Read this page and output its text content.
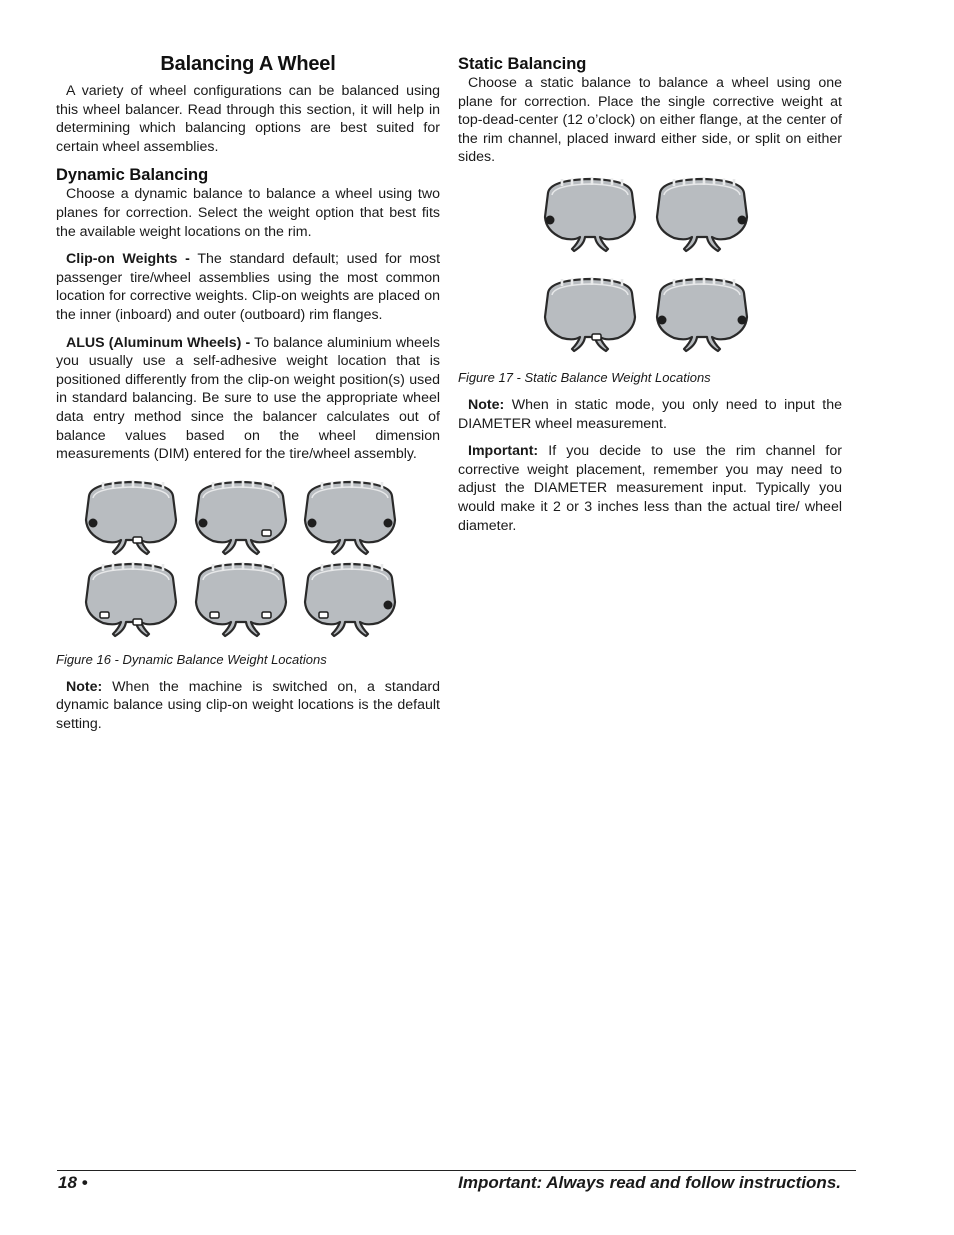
Balancing A Wheel

A variety of wheel configurations can be balanced using this wheel balancer. Read through this section, it will help in determining which balancing options are best suited for certain wheel assemblies.

Dynamic Balancing

Choose a dynamic balance to balance a wheel using two planes for correction. Select the weight option that best fits the available weight locations on the rim.

Clip-on Weights - The standard default; used for most passenger tire/wheel assemblies using the most common location for corrective weights. Clip-on weights are placed on the inner (inboard) and outer (outboard) rim flanges.

ALUS (Aluminum Wheels) - To balance aluminium wheels you usually use a self-adhesive weight location that is positioned differently from the clip-on weight position(s) used in standard balancing. Be sure to use the appropriate wheel data entry method since the balancer calculates out of balance values based on the wheel dimension measurements (DIM) entered for the tire/wheel assembly.

Figure 16 - Dynamic Balance Weight Locations

Note: When the machine is switched on, a standard dynamic balance using clip-on weight locations is the default setting.

Static Balancing

Choose a static balance to balance a wheel using one plane for correction. Place the single corrective weight at top-dead-center (12 o’clock) on either flange, at the center of the rim channel, placed inward either side, or split on either sides.

Figure 17 - Static Balance Weight Locations

Note: When in static mode, you only need to input the DIAMETER wheel measurement.

Important: If you decide to use the rim channel for corrective weight placement, remember you may need to adjust the DIAMETER measurement input. Typically you would make it 2 or 3 inches less than the actual tire/ wheel diameter.

18 •	Important: Always read and follow instructions.
